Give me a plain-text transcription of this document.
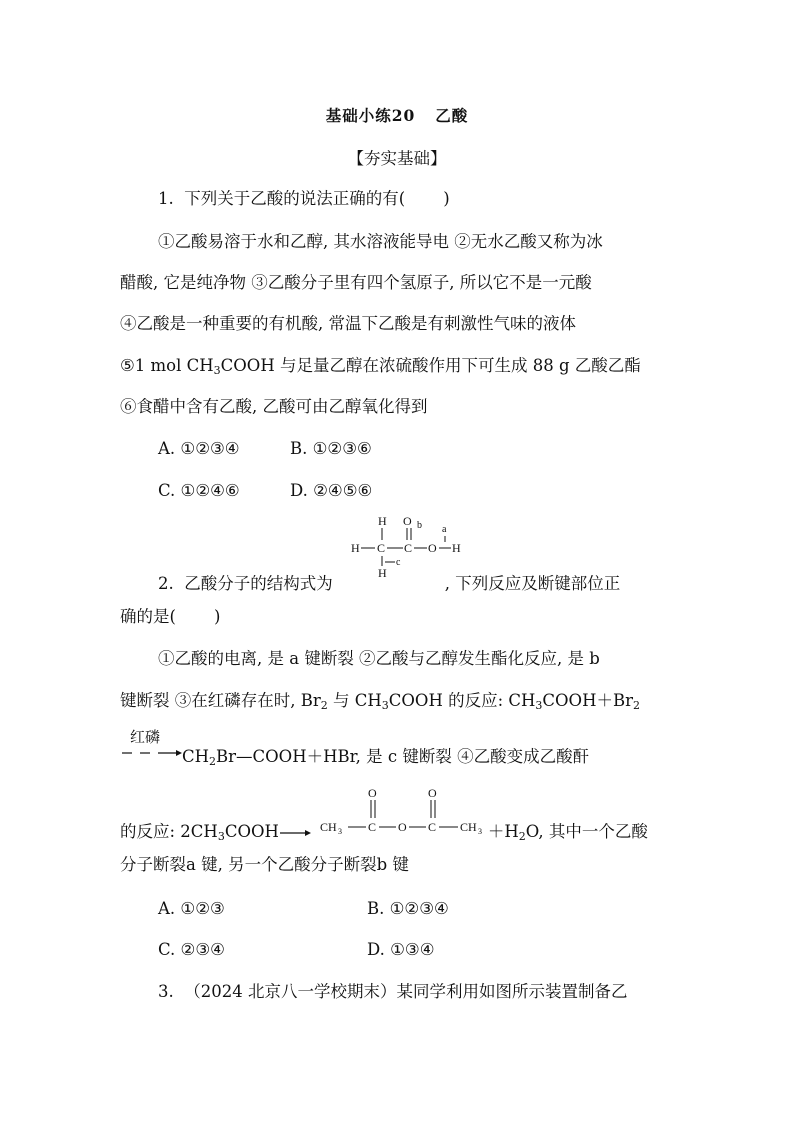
基础小练20 乙酸
【夯实基础】
1. 下列关于乙酸的说法正确的有( )
①乙酸易溶于水和乙醇, 其水溶液能导电 ②无水乙酸又称为冰
醋酸, 它是纯净物 ③乙酸分子里有四个氢原子, 所以它不是一元酸
④乙酸是一种重要的有机酸, 常温下乙酸是有刺激性气味的液体
⑤1 mol $CH_3COOH$ 与足量乙醇在浓硫酸作用下可生成 88 g 乙酸乙酯
⑥食醋中含有乙酸, 乙酸可由乙醇氧化得到
A. ①②③④	B. ①②③⑥
C. ①②④⑥	D. ②④⑤⑥
H
H C C
O b
O
a
H
H
c
2. 乙酸分子的结构式为	, 下列反应及断键部位正
确的是( )
①乙酸的电离, 是 a 键断裂 ②乙酸与乙醇发生酯化反应, 是 b
键断裂 ③在红磷存在时, $Br_2$ 与 $CH_3COOH$ 的反应: $CH_3COOH+Br_2$
红磷
$CH_2Br—COOH+HBr$, 是 c 键断裂 ④乙酸变成乙酸酐
CH 3 C
O
O C
O
CH 3
的反应: $2CH_3COOH\to$	$+H_2O$, 其中一个乙酸
分子断裂a 键, 另一个乙酸分子断裂b 键
A. ①②③	B. ①②③④
C. ②③④	D. ①③④
3. （2024 北京八一学校期末）某同学利用如图所示装置制备乙
